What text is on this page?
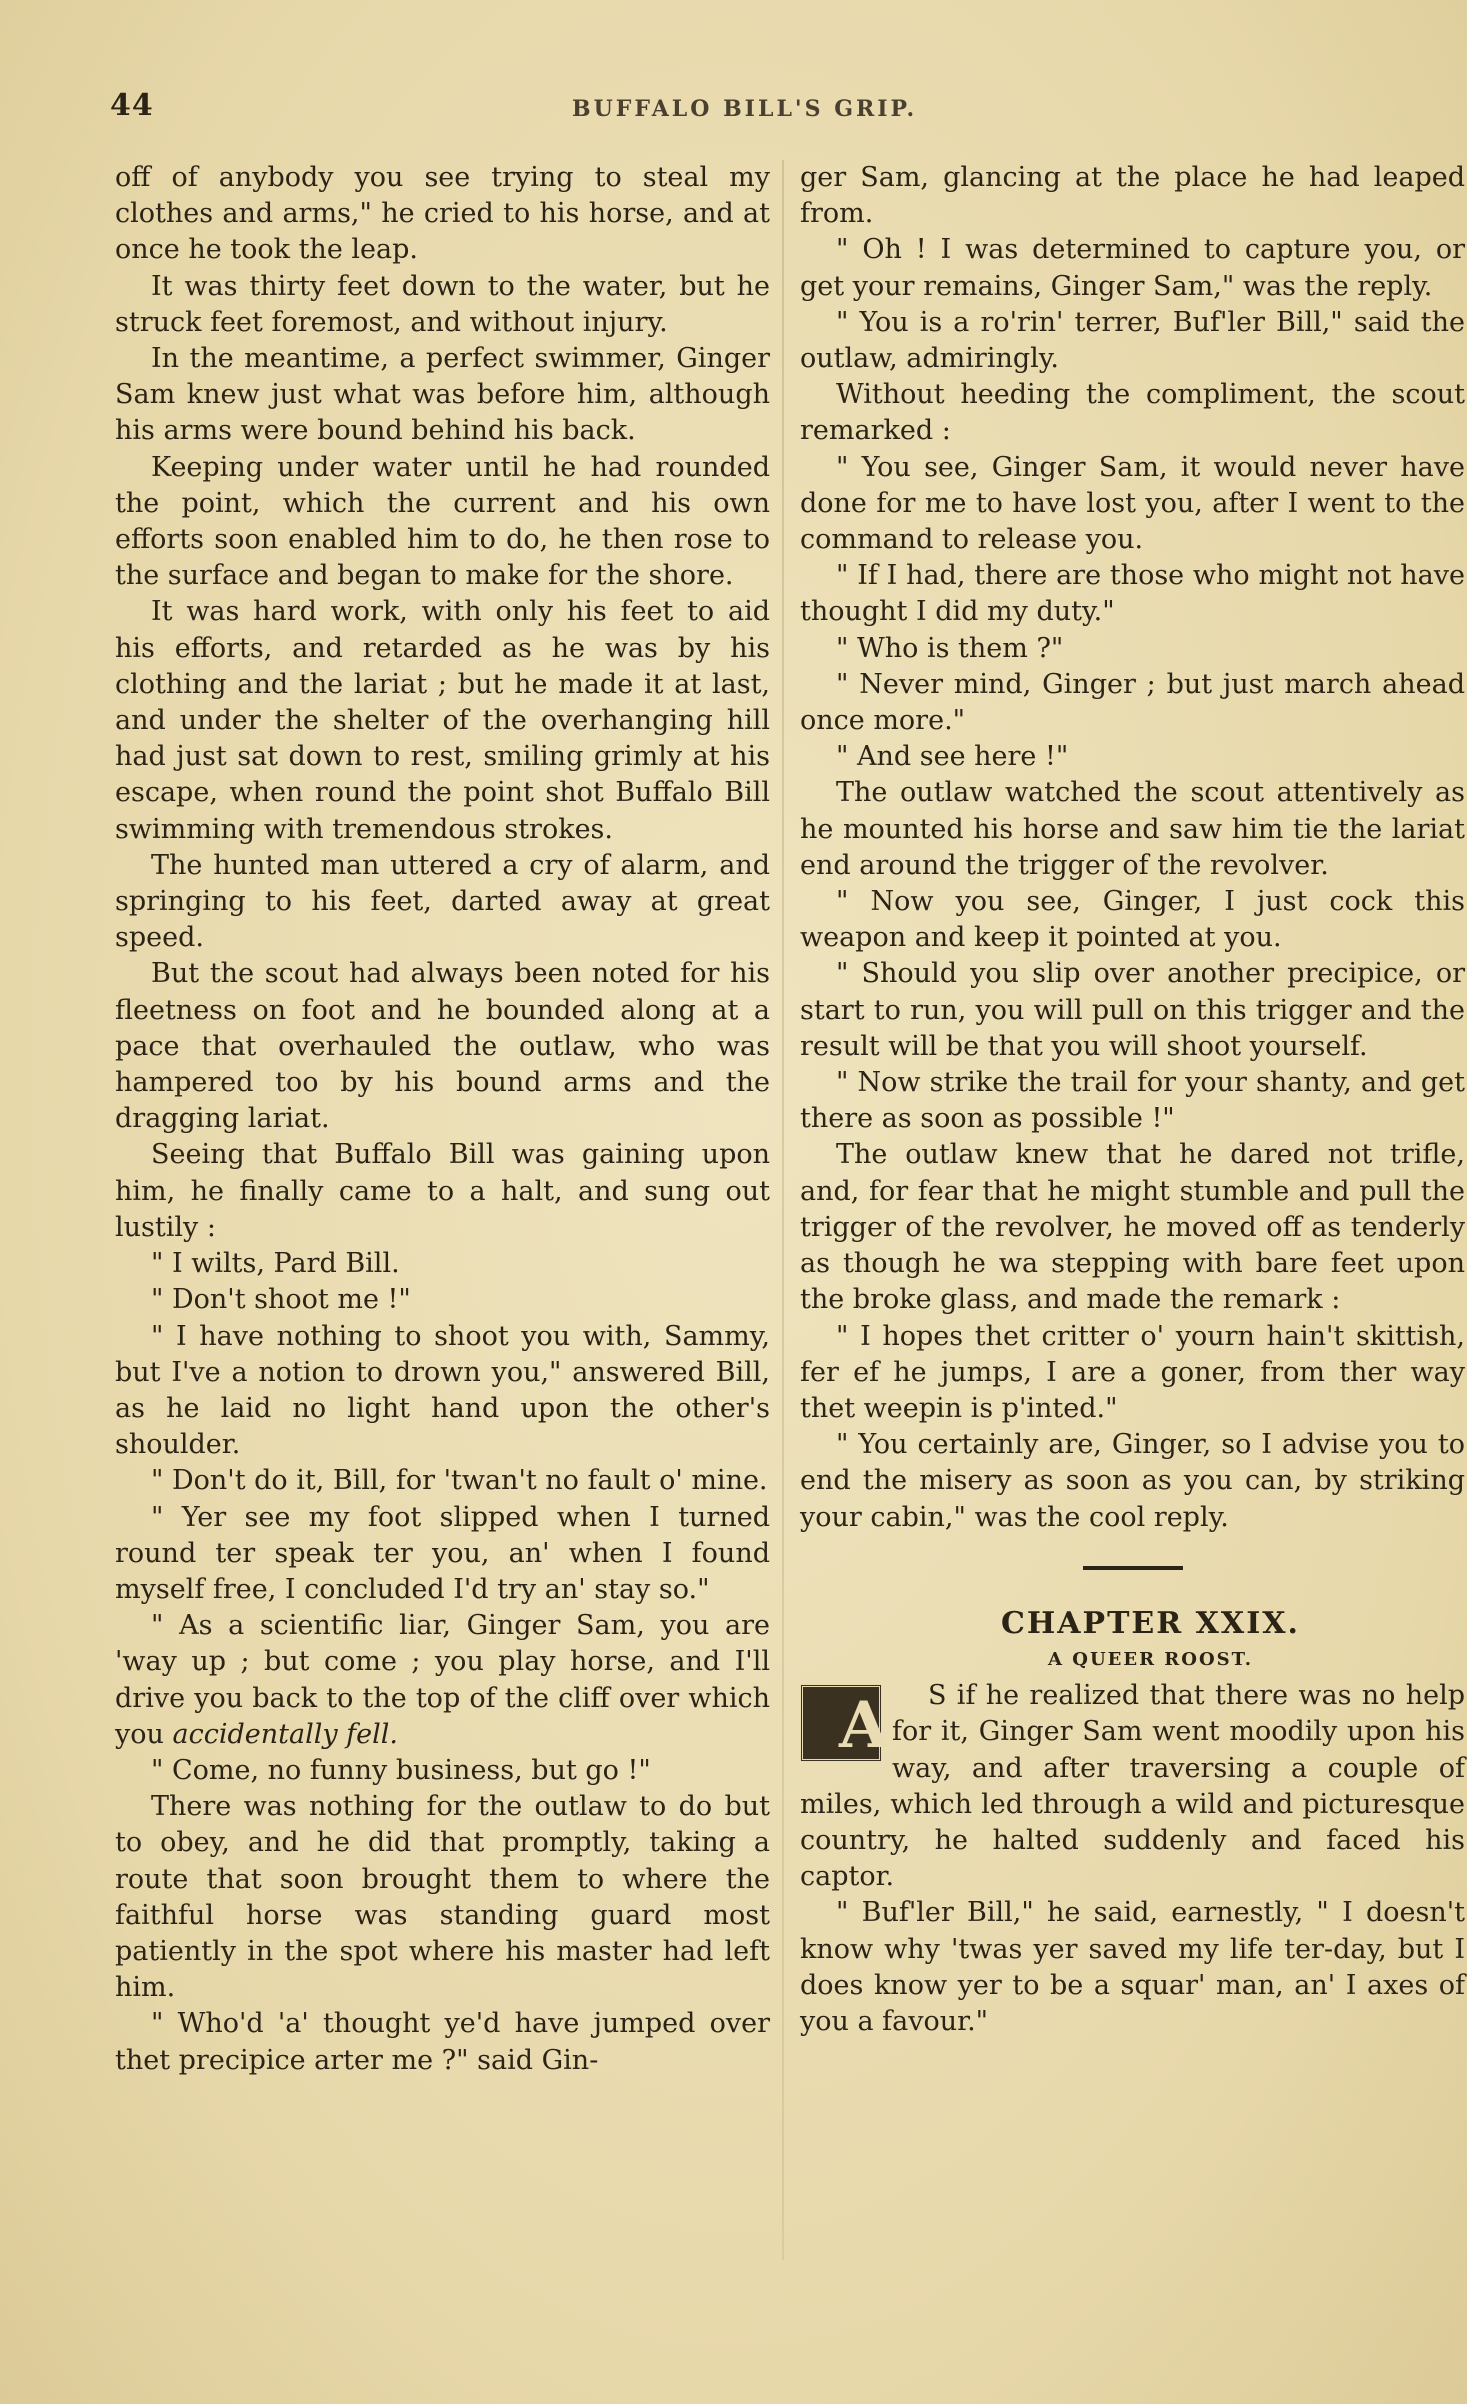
44	BUFFALO BILL'S GRIP.

off of anybody you see trying to steal my clothes and arms," he cried to his horse, and at once he took the leap.

It was thirty feet down to the water, but he struck feet foremost, and without injury.

In the meantime, a perfect swimmer, Ginger Sam knew just what was before him, although his arms were bound behind his back.

Keeping under water until he had rounded the point, which the current and his own efforts soon enabled him to do, he then rose to the surface and began to make for the shore.

It was hard work, with only his feet to aid his efforts, and retarded as he was by his clothing and the lariat ; but he made it at last, and under the shelter of the overhanging hill had just sat down to rest, smiling grimly at his escape, when round the point shot Buffalo Bill swimming with tremendous strokes.

The hunted man uttered a cry of alarm, and springing to his feet, darted away at great speed.

But the scout had always been noted for his fleetness on foot and he bounded along at a pace that overhauled the outlaw, who was hampered too by his bound arms and the dragging lariat.

Seeing that Buffalo Bill was gaining upon him, he finally came to a halt, and sung out lustily :

" I wilts, Pard Bill.

" Don't shoot me !"

" I have nothing to shoot you with, Sammy, but I've a notion to drown you," answered Bill, as he laid no light hand upon the other's shoulder.

" Don't do it, Bill, for 'twan't no fault o' mine.

" Yer see my foot slipped when I turned round ter speak ter you, an' when I found myself free, I concluded I'd try an' stay so."

" As a scientific liar, Ginger Sam, you are 'way up ; but come ; you play horse, and I'll drive you back to the top of the cliff over which you accidentally fell.

" Come, no funny business, but go !"

There was nothing for the outlaw to do but to obey, and he did that promptly, taking a route that soon brought them to where the faithful horse was standing guard most patiently in the spot where his master had left him.

" Who'd 'a' thought ye'd have jumped over thet precipice arter me ?" said Gin-

ger Sam, glancing at the place he had leaped from.

" Oh ! I was determined to capture you, or get your remains, Ginger Sam," was the reply.

" You is a ro'rin' terrer, Buf'ler Bill," said the outlaw, admiringly.

Without heeding the compliment, the scout remarked :

" You see, Ginger Sam, it would never have done for me to have lost you, after I went to the command to release you.

" If I had, there are those who might not have thought I did my duty."

" Who is them ?"

" Never mind, Ginger ; but just march ahead once more."

" And see here !"

The outlaw watched the scout attentively as he mounted his horse and saw him tie the lariat end around the trigger of the revolver.

" Now you see, Ginger, I just cock this weapon and keep it pointed at you.

" Should you slip over another precipice, or start to run, you will pull on this trigger and the result will be that you will shoot yourself.

" Now strike the trail for your shanty, and get there as soon as possible !"

The outlaw knew that he dared not trifle, and, for fear that he might stumble and pull the trigger of the revolver, he moved off as tenderly as though he wa stepping with bare feet upon the broke glass, and made the remark :

" I hopes thet critter o' yourn hain't skittish, fer ef he jumps, I are a goner, from ther way thet weepin is p'inted."

" You certainly are, Ginger, so I advise you to end the misery as soon as you can, by striking your cabin," was the cool reply.

CHAPTER XXIX.

A QUEER ROOST.

A S if he realized that there was no help for it, Ginger Sam went moodily upon his way, and after traversing a couple of miles, which led through a wild and picturesque country, he halted suddenly and faced his captor.

" Buf'ler Bill," he said, earnestly, " I doesn't know why 'twas yer saved my life ter-day, but I does know yer to be a squar' man, an' I axes of you a favour."
